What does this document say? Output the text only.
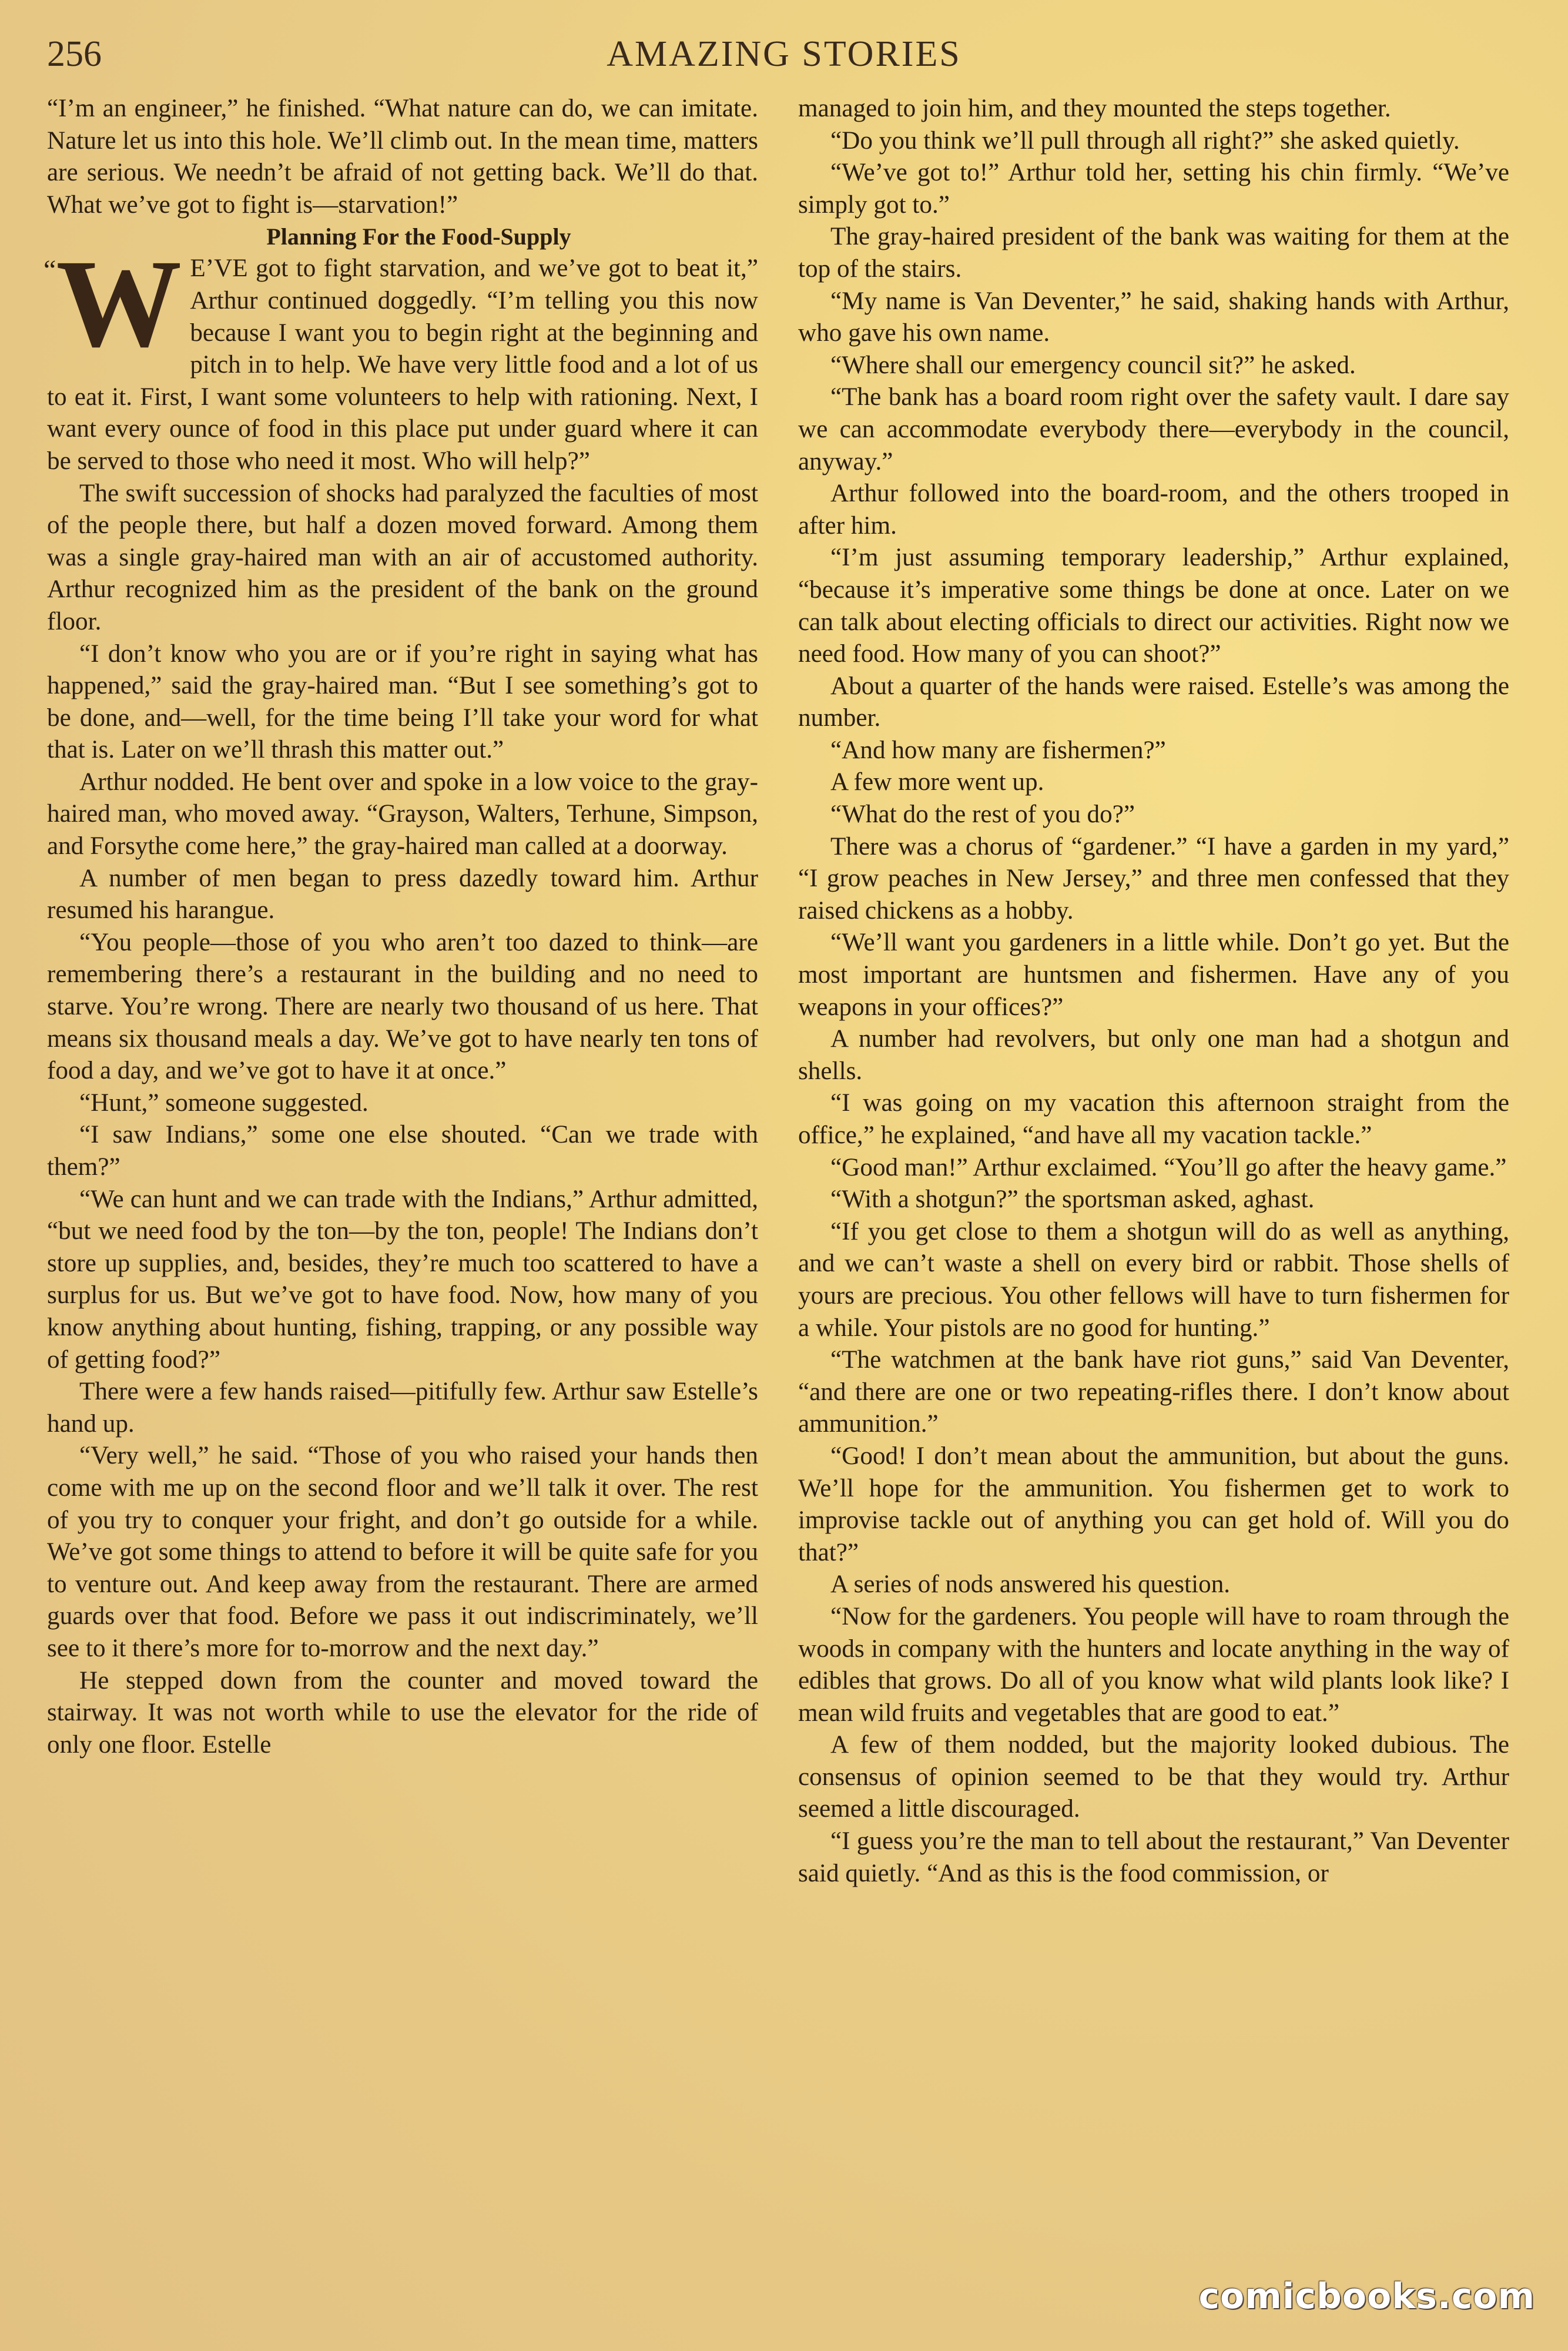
256	AMAZING STORIES

“I’m an engineer,” he finished. “What nature can do, we can imitate. Nature let us into this hole. We’ll climb out. In the mean time, matters are serious. We needn’t be afraid of not getting back. We’ll do that. What we’ve got to fight is—starvation!”

Planning For the Food-Supply

“ W E’VE got to fight starvation, and we’ve got to beat it,” Arthur continued doggedly. “I’m telling you this now because I want you to begin right at the beginning and pitch in to help. We have very little food and a lot of us to eat it. First, I want some volunteers to help with rationing. Next, I want every ounce of food in this place put under guard where it can be served to those who need it most. Who will help?”

The swift succession of shocks had paralyzed the faculties of most of the people there, but half a dozen moved forward. Among them was a single gray-haired man with an air of accustomed authority. Arthur recognized him as the president of the bank on the ground floor.

“I don’t know who you are or if you’re right in saying what has happened,” said the gray-haired man. “But I see something’s got to be done, and—well, for the time being I’ll take your word for what that is. Later on we’ll thrash this matter out.”

Arthur nodded. He bent over and spoke in a low voice to the gray-haired man, who moved away. “Grayson, Walters, Terhune, Simpson, and Forsythe come here,” the gray-haired man called at a doorway.

A number of men began to press dazedly toward him. Arthur resumed his harangue.

“You people—those of you who aren’t too dazed to think—are remembering there’s a restaurant in the building and no need to starve. You’re wrong. There are nearly two thousand of us here. That means six thousand meals a day. We’ve got to have nearly ten tons of food a day, and we’ve got to have it at once.”

“Hunt,” someone suggested.

“I saw Indians,” some one else shouted. “Can we trade with them?”

“We can hunt and we can trade with the Indians,” Arthur admitted, “but we need food by the ton—by the ton, people! The Indians don’t store up supplies, and, besides, they’re much too scattered to have a surplus for us. But we’ve got to have food. Now, how many of you know anything about hunting, fishing, trapping, or any possible way of getting food?”

There were a few hands raised—pitifully few. Arthur saw Estelle’s hand up.

“Very well,” he said. “Those of you who raised your hands then come with me up on the second floor and we’ll talk it over. The rest of you try to conquer your fright, and don’t go outside for a while. We’ve got some things to attend to before it will be quite safe for you to venture out. And keep away from the restaurant. There are armed guards over that food. Before we pass it out indiscriminately, we’ll see to it there’s more for to-morrow and the next day.”

He stepped down from the counter and moved toward the stairway. It was not worth while to use the elevator for the ride of only one floor. Estelle

managed to join him, and they mounted the steps together.

“Do you think we’ll pull through all right?” she asked quietly.

“We’ve got to!” Arthur told her, setting his chin firmly. “We’ve simply got to.”

The gray-haired president of the bank was waiting for them at the top of the stairs.

“My name is Van Deventer,” he said, shaking hands with Arthur, who gave his own name.

“Where shall our emergency council sit?” he asked.

“The bank has a board room right over the safety vault. I dare say we can accommodate everybody there—everybody in the council, anyway.”

Arthur followed into the board-room, and the others trooped in after him.

“I’m just assuming temporary leadership,” Arthur explained, “because it’s imperative some things be done at once. Later on we can talk about electing officials to direct our activities. Right now we need food. How many of you can shoot?”

About a quarter of the hands were raised. Estelle’s was among the number.

“And how many are fishermen?”

A few more went up.

“What do the rest of you do?”

There was a chorus of “gardener.” “I have a garden in my yard,” “I grow peaches in New Jersey,” and three men confessed that they raised chickens as a hobby.

“We’ll want you gardeners in a little while. Don’t go yet. But the most important are huntsmen and fishermen. Have any of you weapons in your offices?”

A number had revolvers, but only one man had a shotgun and shells.

“I was going on my vacation this afternoon straight from the office,” he explained, “and have all my vacation tackle.”

“Good man!” Arthur exclaimed. “You’ll go after the heavy game.”

“With a shotgun?” the sportsman asked, aghast.

“If you get close to them a shotgun will do as well as anything, and we can’t waste a shell on every bird or rabbit. Those shells of yours are precious. You other fellows will have to turn fishermen for a while. Your pistols are no good for hunting.”

“The watchmen at the bank have riot guns,” said Van Deventer, “and there are one or two repeating-rifles there. I don’t know about ammunition.”

“Good! I don’t mean about the ammunition, but about the guns. We’ll hope for the ammunition. You fishermen get to work to improvise tackle out of anything you can get hold of. Will you do that?”

A series of nods answered his question.

“Now for the gardeners. You people will have to roam through the woods in company with the hunters and locate anything in the way of edibles that grows. Do all of you know what wild plants look like? I mean wild fruits and vegetables that are good to eat.”

A few of them nodded, but the majority looked dubious. The consensus of opinion seemed to be that they would try. Arthur seemed a little discouraged.

“I guess you’re the man to tell about the restaurant,” Van Deventer said quietly. “And as this is the food commission, or

comicbooks.com
